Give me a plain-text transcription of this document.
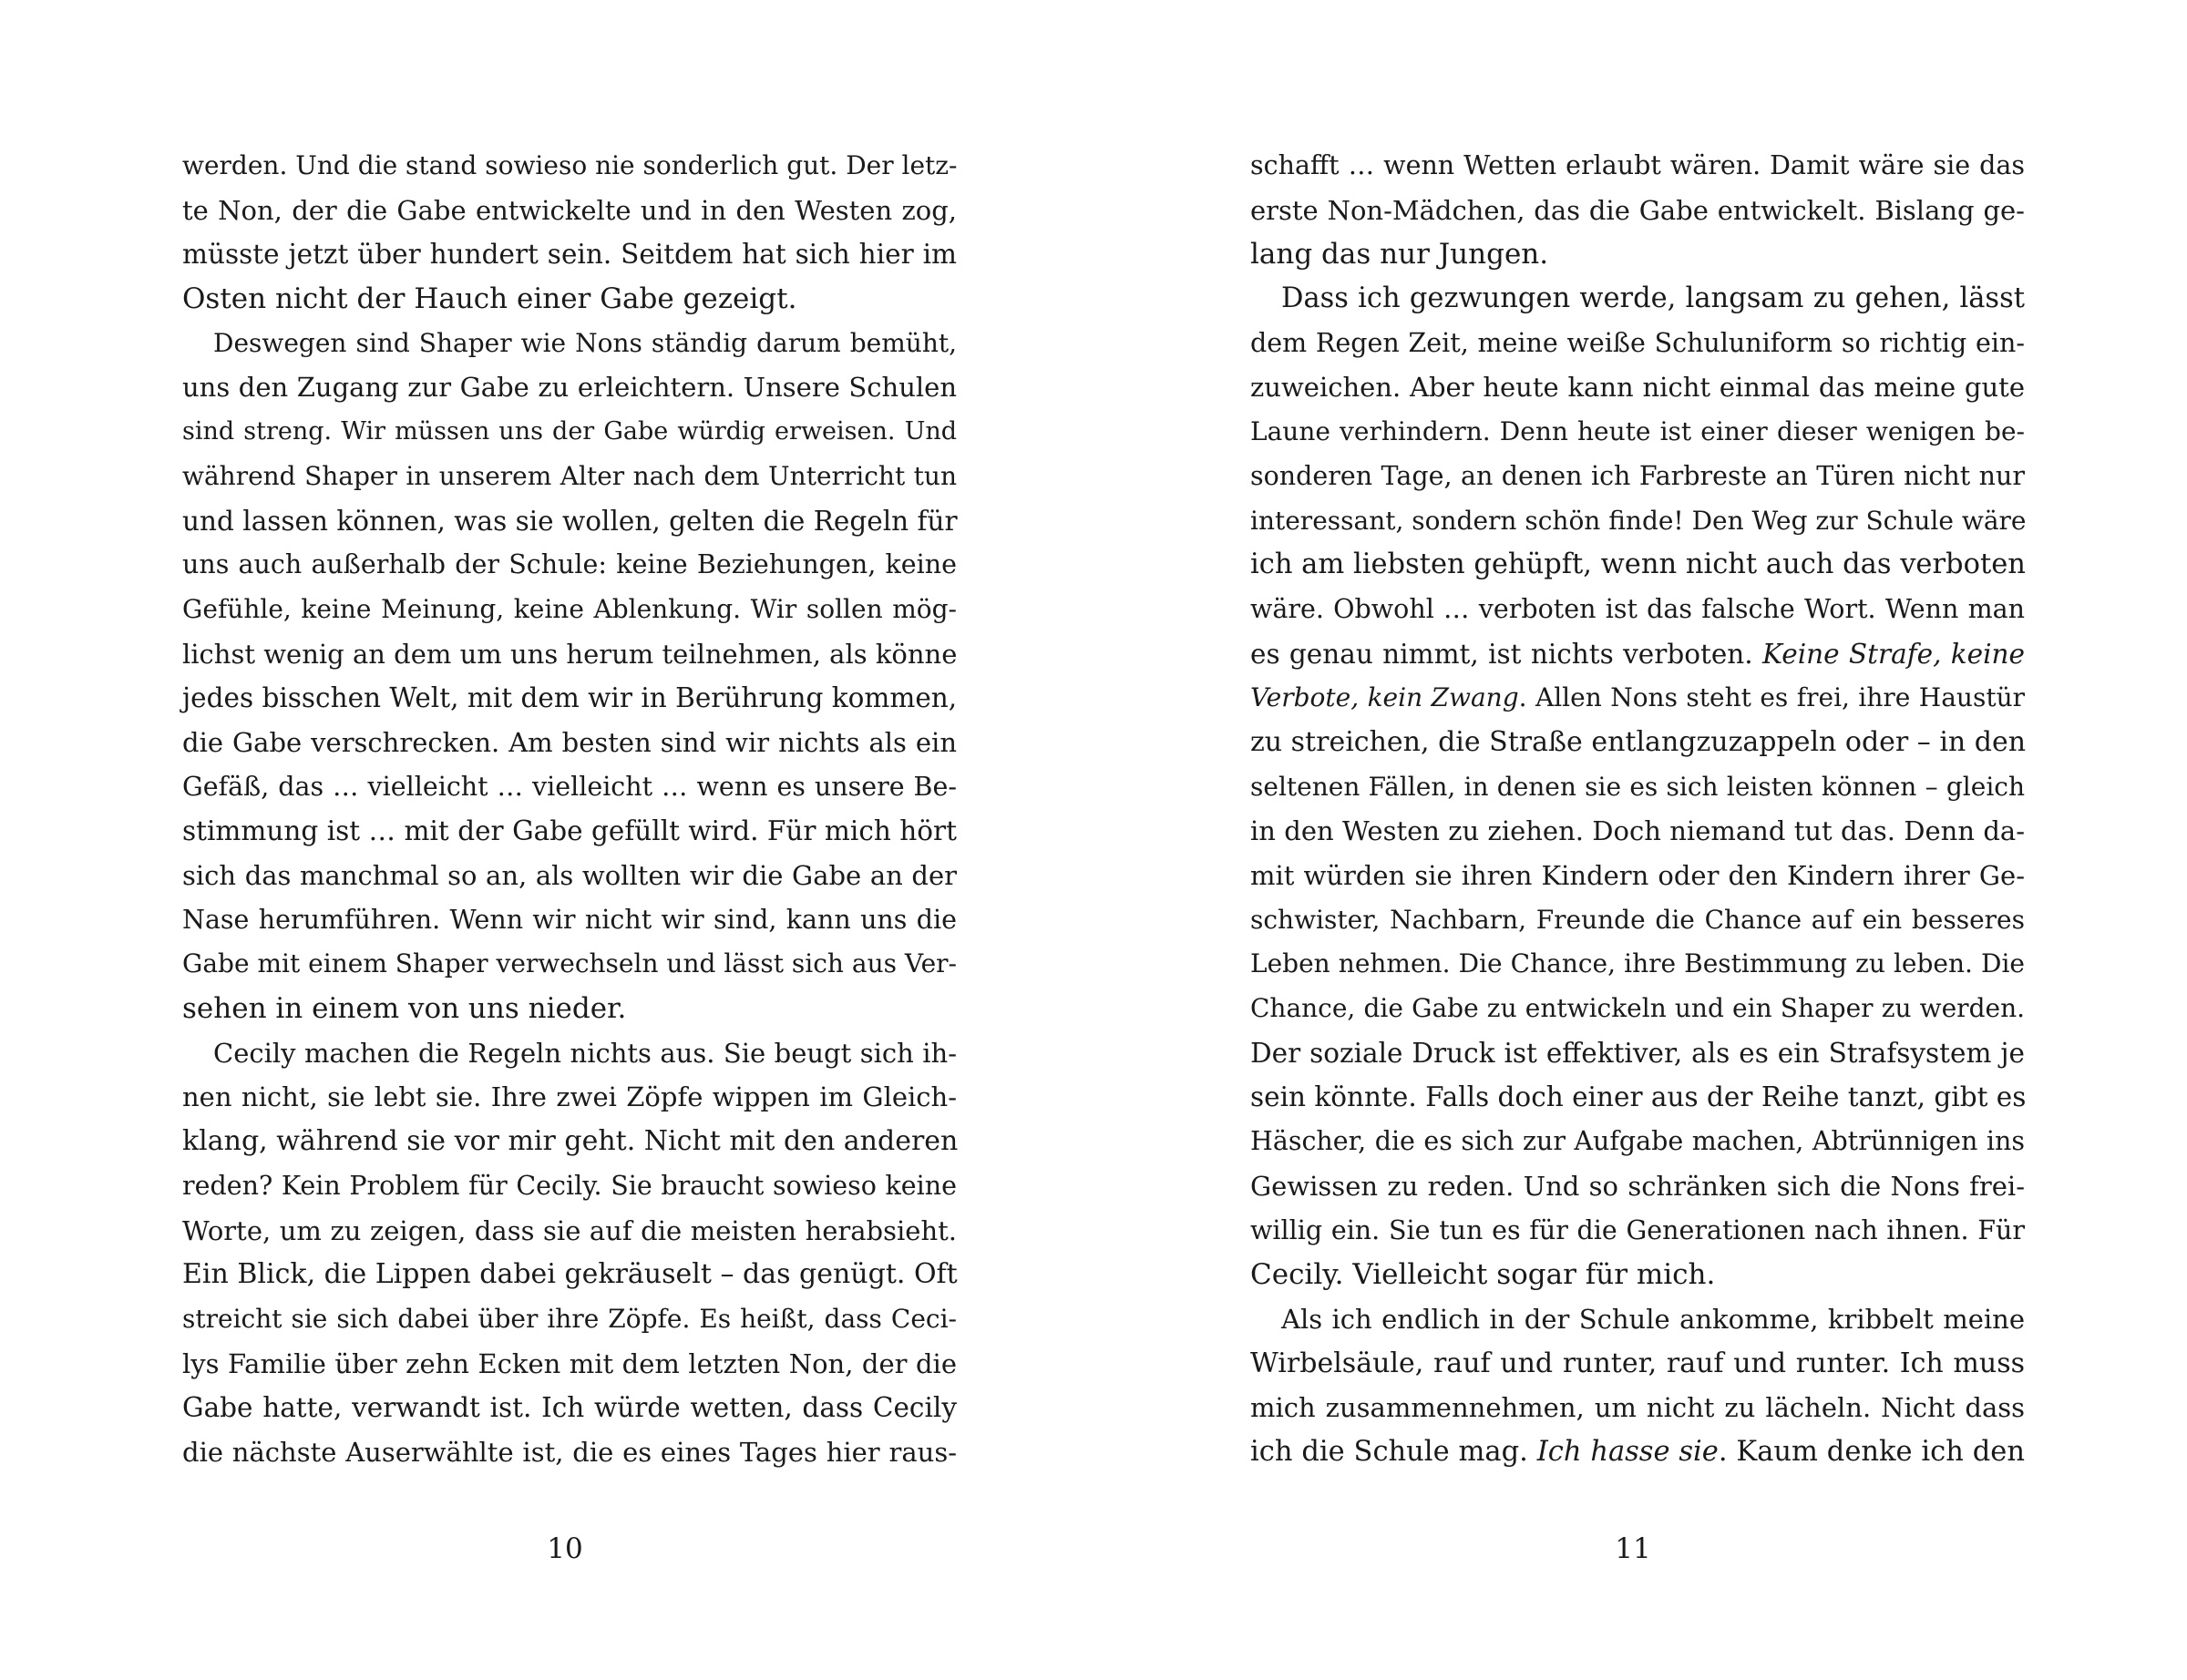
werden. Und die stand sowieso nie sonderlich gut. Der letz-
te Non, der die Gabe entwickelte und in den Westen zog,
müsste jetzt über hundert sein. Seitdem hat sich hier im
Osten nicht der Hauch einer Gabe gezeigt.
Deswegen sind Shaper wie Nons ständig darum bemüht,
uns den Zugang zur Gabe zu erleichtern. Unsere Schulen
sind streng. Wir müssen uns der Gabe würdig erweisen. Und
während Shaper in unserem Alter nach dem Unterricht tun
und lassen können, was sie wollen, gelten die Regeln für
uns auch außerhalb der Schule: keine Beziehungen, keine
Gefühle, keine Meinung, keine Ablenkung. Wir sollen mög-
lichst wenig an dem um uns herum teilnehmen, als könne
jedes bisschen Welt, mit dem wir in Berührung kommen,
die Gabe verschrecken. Am besten sind wir nichts als ein
Gefäß, das … vielleicht … vielleicht … wenn es unsere Be-
stimmung ist … mit der Gabe gefüllt wird. Für mich hört
sich das manchmal so an, als wollten wir die Gabe an der
Nase herumführen. Wenn wir nicht wir sind, kann uns die
Gabe mit einem Shaper verwechseln und lässt sich aus Ver-
sehen in einem von uns nieder.
Cecily machen die Regeln nichts aus. Sie beugt sich ih-
nen nicht, sie lebt sie. Ihre zwei Zöpfe wippen im Gleich-
klang, während sie vor mir geht. Nicht mit den anderen
reden? Kein Problem für Cecily. Sie braucht sowieso keine
Worte, um zu zeigen, dass sie auf die meisten herabsieht.
Ein Blick, die Lippen dabei gekräuselt – das genügt. Oft
streicht sie sich dabei über ihre Zöpfe. Es heißt, dass Ceci-
lys Familie über zehn Ecken mit dem letzten Non, der die
Gabe hatte, verwandt ist. Ich würde wetten, dass Cecily
die nächste Auserwählte ist, die es eines Tages hier raus-
schafft … wenn Wetten erlaubt wären. Damit wäre sie das
erste Non-Mädchen, das die Gabe entwickelt. Bislang ge-
lang das nur Jungen.
Dass ich gezwungen werde, langsam zu gehen, lässt
dem Regen Zeit, meine weiße Schuluniform so richtig ein-
zuweichen. Aber heute kann nicht einmal das meine gute
Laune verhindern. Denn heute ist einer dieser wenigen be-
sonderen Tage, an denen ich Farbreste an Türen nicht nur
interessant, sondern schön finde! Den Weg zur Schule wäre
ich am liebsten gehüpft, wenn nicht auch das verboten
wäre. Obwohl … verboten ist das falsche Wort. Wenn man
es genau nimmt, ist nichts verboten. Keine Strafe, keine
Verbote, kein Zwang. Allen Nons steht es frei, ihre Haustür
zu streichen, die Straße entlangzuzappeln oder – in den
seltenen Fällen, in denen sie es sich leisten können – gleich
in den Westen zu ziehen. Doch niemand tut das. Denn da-
mit würden sie ihren Kindern oder den Kindern ihrer Ge-
schwister, Nachbarn, Freunde die Chance auf ein besseres
Leben nehmen. Die Chance, ihre Bestimmung zu leben. Die
Chance, die Gabe zu entwickeln und ein Shaper zu werden.
Der soziale Druck ist effektiver, als es ein Strafsystem je
sein könnte. Falls doch einer aus der Reihe tanzt, gibt es
Häscher, die es sich zur Aufgabe machen, Abtrünnigen ins
Gewissen zu reden. Und so schränken sich die Nons frei-
willig ein. Sie tun es für die Generationen nach ihnen. Für
Cecily. Vielleicht sogar für mich.
Als ich endlich in der Schule ankomme, kribbelt meine
Wirbelsäule, rauf und runter, rauf und runter. Ich muss
mich zusammennehmen, um nicht zu lächeln. Nicht dass
ich die Schule mag. Ich hasse sie. Kaum denke ich den
10	11
